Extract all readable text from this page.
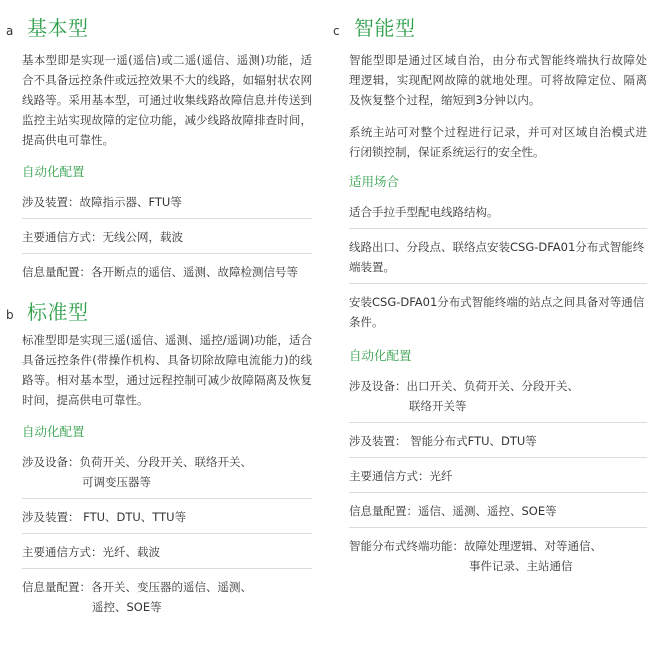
a 基本型

基本型即是实现一遥(遥信)或二遥(遥信、遥测)功能，适合不具备远控条件或远控效果不大的线路，如辐射状农网线路等。采用基本型，可通过收集线路故障信息并传送到监控主站实现故障的定位功能，减少线路故障排查时间，提高供电可靠性。

自动化配置
涉及装置：故障指示器、FTU等
主要通信方式：无线公网，载波
信息量配置：各开断点的遥信、遥测、故障检测信号等
b 标准型

标准型即是实现三遥(遥信、遥测、遥控/遥调)功能，适合具备远控条件(带操作机构、具备切除故障电流能力)的线路等。相对基本型，通过远程控制可减少故障隔离及恢复时间，提高供电可靠性。

自动化配置
涉及设备：负荷开关、分段开关、联络开关、
可调变压器等
涉及装置： FTU、DTU、TTU等
主要通信方式：光纤、载波
信息量配置：各开关、变压器的遥信、遥测、
遥控、SOE等
c 智能型

智能型即是通过区域自治，由分布式智能终端执行故障处理逻辑，实现配网故障的就地处理。可将故障定位、隔离及恢复整个过程，缩短到3分钟以内。

系统主站可对整个过程进行记录，并可对区域自治模式进行闭锁控制，保证系统运行的安全性。

适用场合
适合手拉手型配电线路结构。
线路出口、分段点、联络点安装CSG-DFA01分布式智能终端装置。
安装CSG-DFA01分布式智能终端的站点之间具备对等通信条件。
自动化配置
涉及设备：出口开关、负荷开关、分段开关、
联络开关等
涉及装置： 智能分布式FTU、DTU等
主要通信方式：光纤
信息量配置：遥信、遥测、遥控、SOE等
智能分布式终端功能：故障处理逻辑、对等通信、
事件记录、主站通信
